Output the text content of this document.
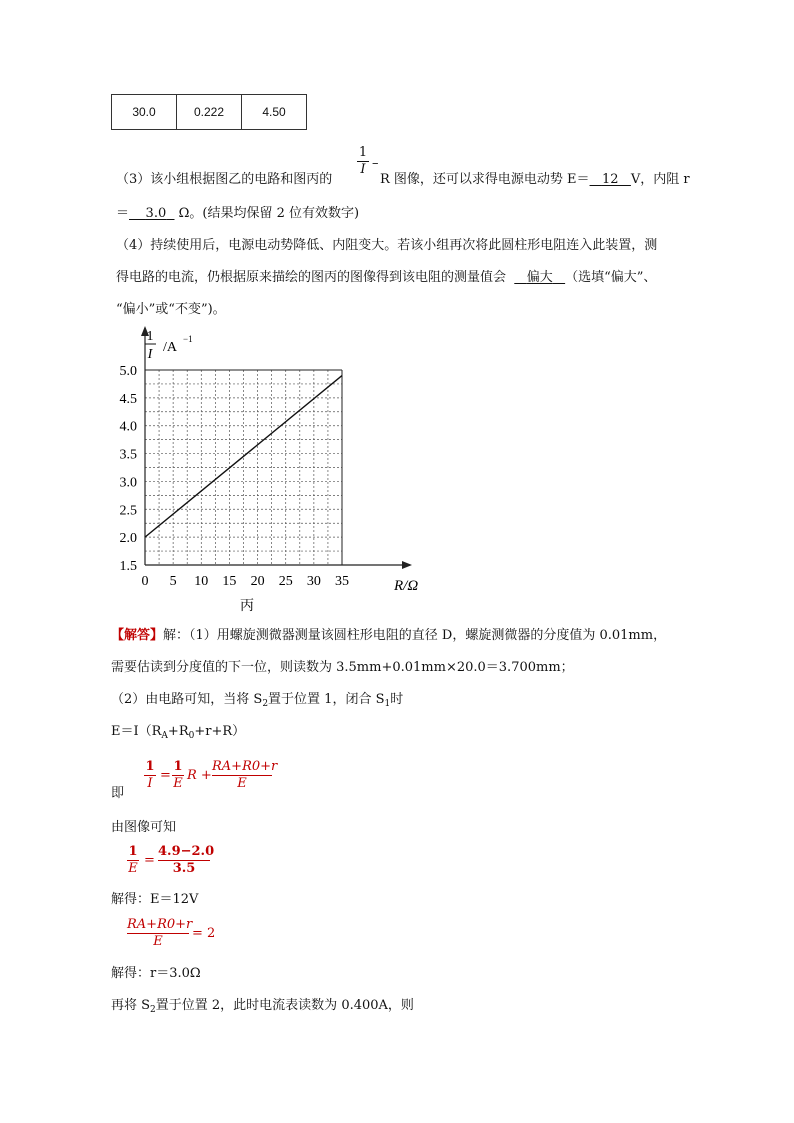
30.0	0.222	4.50
（3）该小组根据图乙的电路和图丙的
1
I –
R 图像，还可以求得电源电动势 E＝ 12 V，内阻 r
＝ 3.0 Ω。(结果均保留 2 位有效数字)
（4）持续使用后，电源电动势降低、内阻变大。若该小组再次将此圆柱形电阻连入此装置，测
得电路的电流，仍根据原来描绘的图丙的图像得到该电阻的测量值会 偏大 （选填“偏大”、
“偏小”或“不变”)。
0 5 10 15 20 25 30 35
1.5
2.0
2.5
3.0
3.5
4.0
4.5
5.0
1
I /A
−1
R/Ω
丙
【解答】解：（1）用螺旋测微器测量该圆柱形电阻的直径 D，螺旋测微器的分度值为 0.01mm，
需要估读到分度值的下一位，则读数为 3.5mm+0.01mm×20.0＝3.700mm；
（2）由电路可知，当将 $S_2$置于位置 1，闭合 $S_1$时
$E=I(R_A+R_0+r+R)$
即
1
I
=
1
E
R +
RA+R0+r
E
由图像可知
1
E
=
4.9−2.0
3.5
解得：E＝12V
RA+R0+r
E
= 2
解得：r＝3.0Ω
再将 $S_2$置于位置 2，此时电流表读数为 0.400A，则
